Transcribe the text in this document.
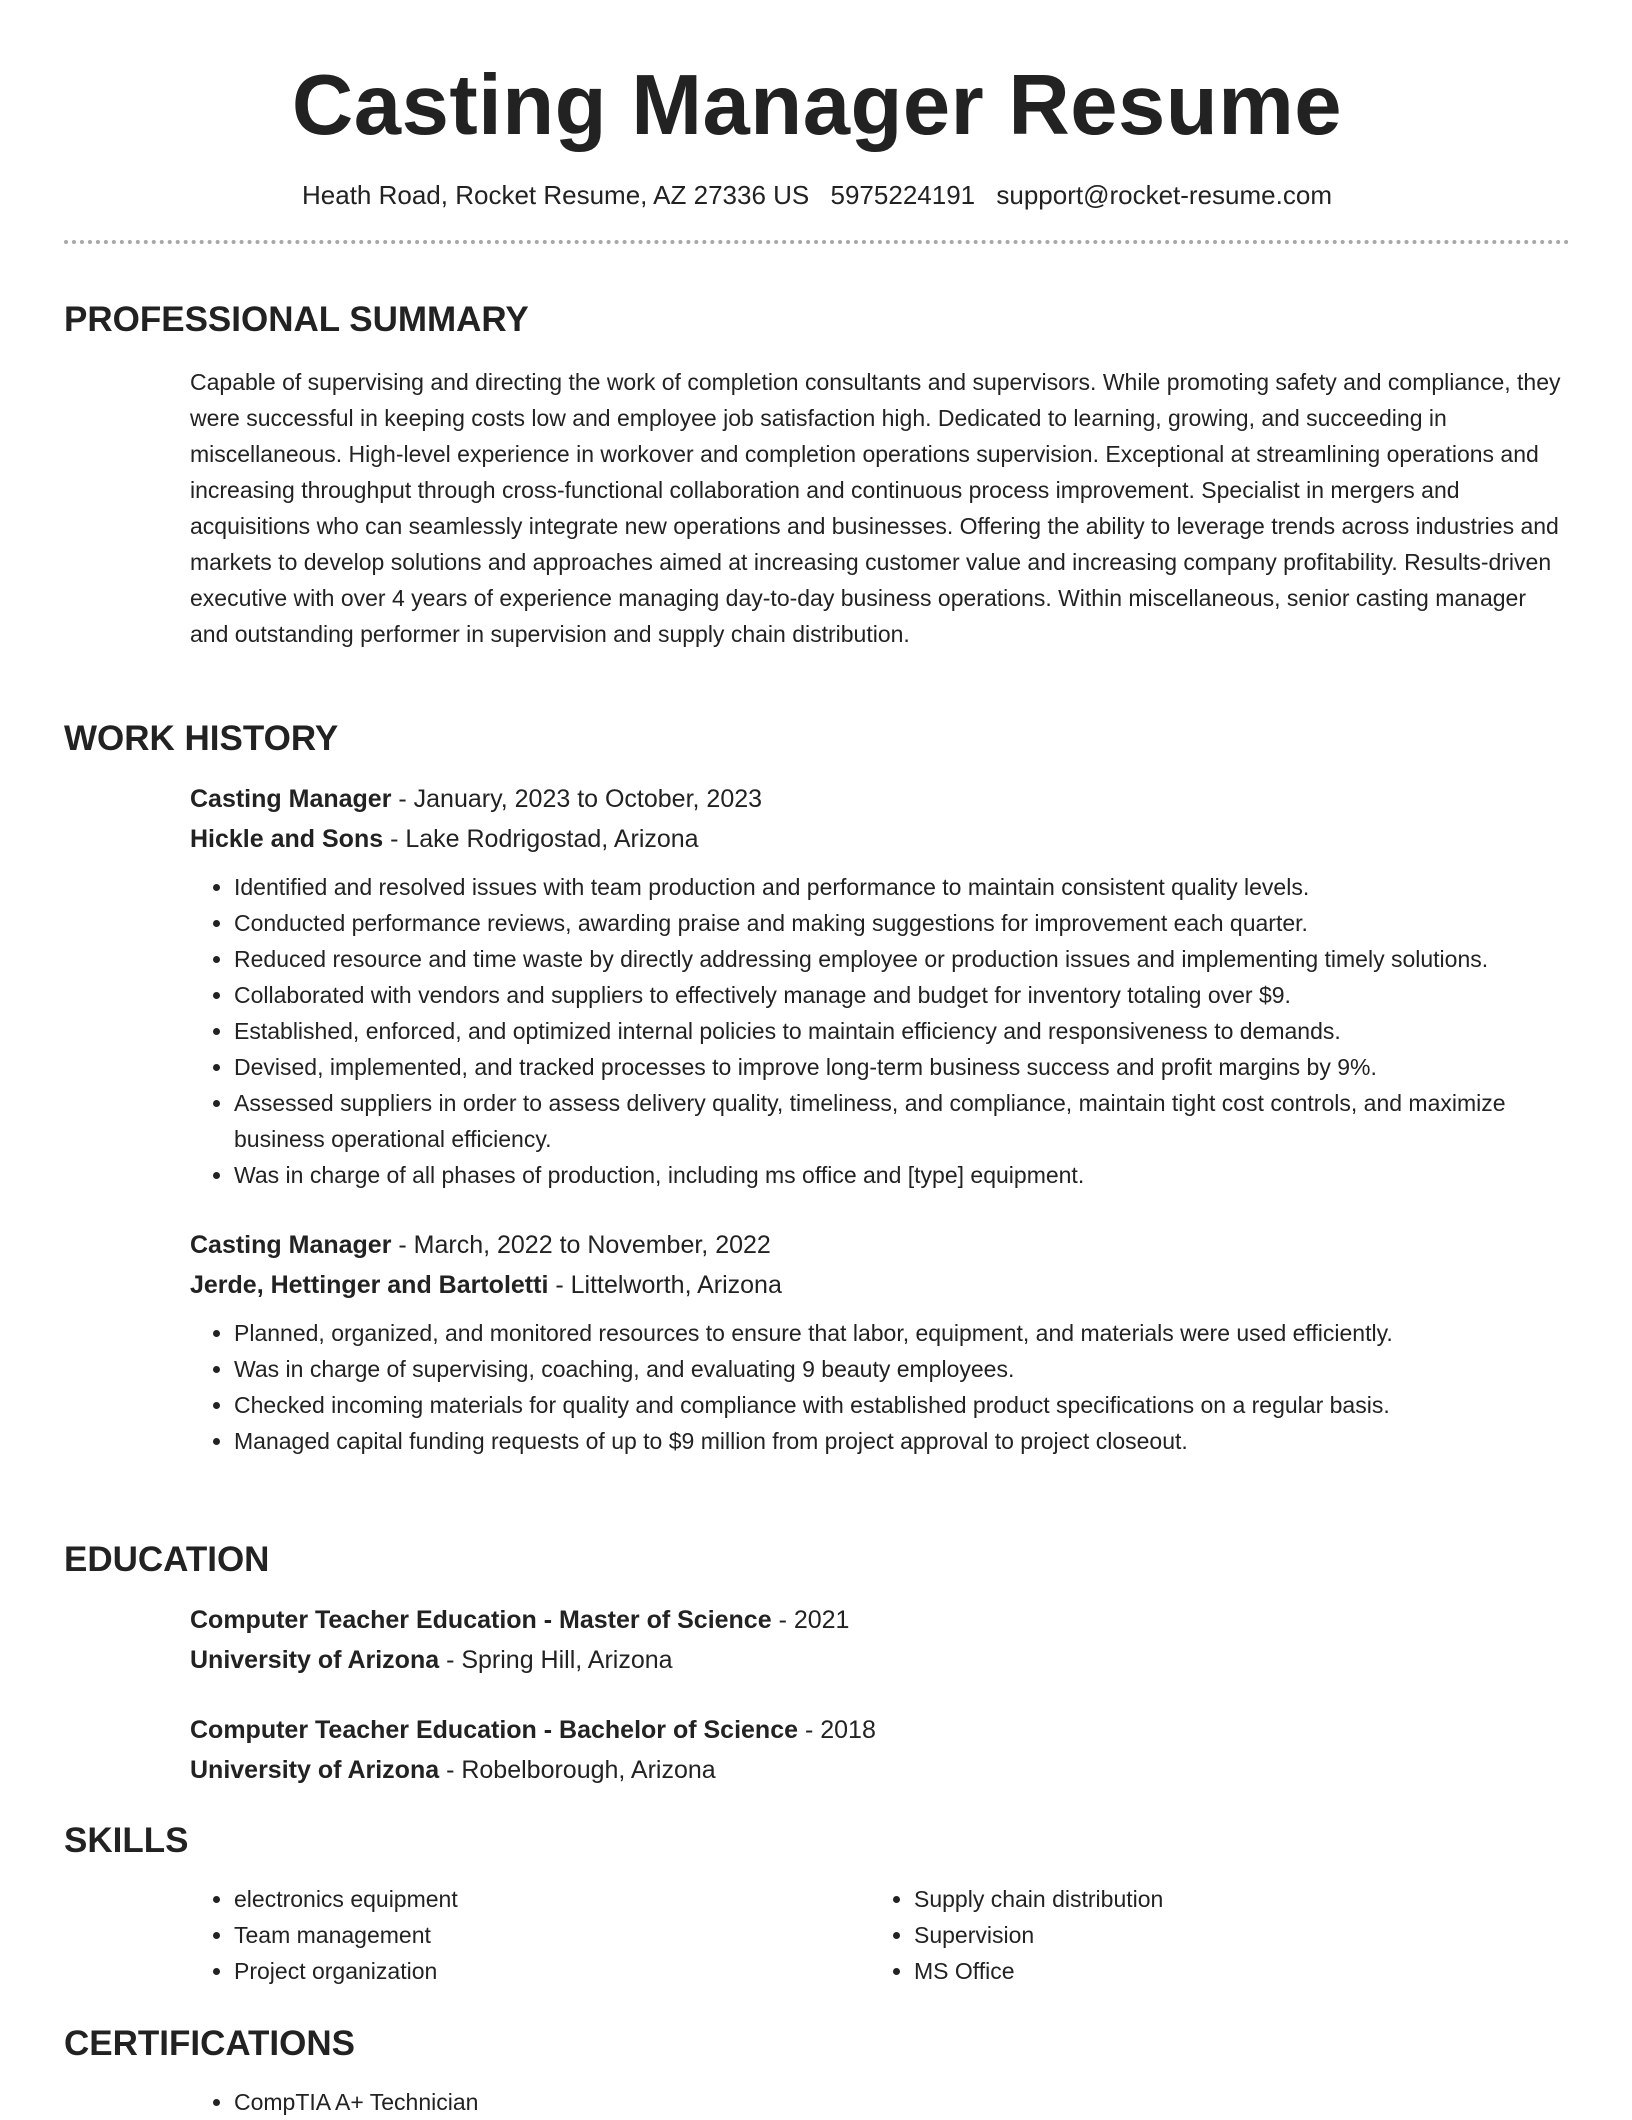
Casting Manager Resume
Heath Road, Rocket Resume, AZ 27336 US 5975224191 support@rocket-resume.com
PROFESSIONAL SUMMARY
Capable of supervising and directing the work of completion consultants and supervisors. While promoting safety and compliance, they were successful in keeping costs low and employee job satisfaction high. Dedicated to learning, growing, and succeeding in miscellaneous. High-level experience in workover and completion operations supervision. Exceptional at streamlining operations and increasing throughput through cross-functional collaboration and continuous process improvement. Specialist in mergers and acquisitions who can seamlessly integrate new operations and businesses. Offering the ability to leverage trends across industries and markets to develop solutions and approaches aimed at increasing customer value and increasing company profitability. Results-driven executive with over 4 years of experience managing day-to-day business operations. Within miscellaneous, senior casting manager and outstanding performer in supervision and supply chain distribution.
WORK HISTORY
Casting Manager - January, 2023 to October, 2023
Hickle and Sons - Lake Rodrigostad, Arizona
• Identified and resolved issues with team production and performance to maintain consistent quality levels.
• Conducted performance reviews, awarding praise and making suggestions for improvement each quarter.
• Reduced resource and time waste by directly addressing employee or production issues and implementing timely solutions.
• Collaborated with vendors and suppliers to effectively manage and budget for inventory totaling over $9.
• Established, enforced, and optimized internal policies to maintain efficiency and responsiveness to demands.
• Devised, implemented, and tracked processes to improve long-term business success and profit margins by 9%.
• Assessed suppliers in order to assess delivery quality, timeliness, and compliance, maintain tight cost controls, and maximize business operational efficiency.
• Was in charge of all phases of production, including ms office and [type] equipment.
Casting Manager - March, 2022 to November, 2022
Jerde, Hettinger and Bartoletti - Littelworth, Arizona
• Planned, organized, and monitored resources to ensure that labor, equipment, and materials were used efficiently.
• Was in charge of supervising, coaching, and evaluating 9 beauty employees.
• Checked incoming materials for quality and compliance with established product specifications on a regular basis.
• Managed capital funding requests of up to $9 million from project approval to project closeout.
EDUCATION
Computer Teacher Education - Master of Science - 2021
University of Arizona - Spring Hill, Arizona
Computer Teacher Education - Bachelor of Science - 2018
University of Arizona - Robelborough, Arizona
SKILLS
• electronics equipment
• Team management
• Project organization
• Supply chain distribution
• Supervision
• MS Office
CERTIFICATIONS
• CompTIA A+ Technician
